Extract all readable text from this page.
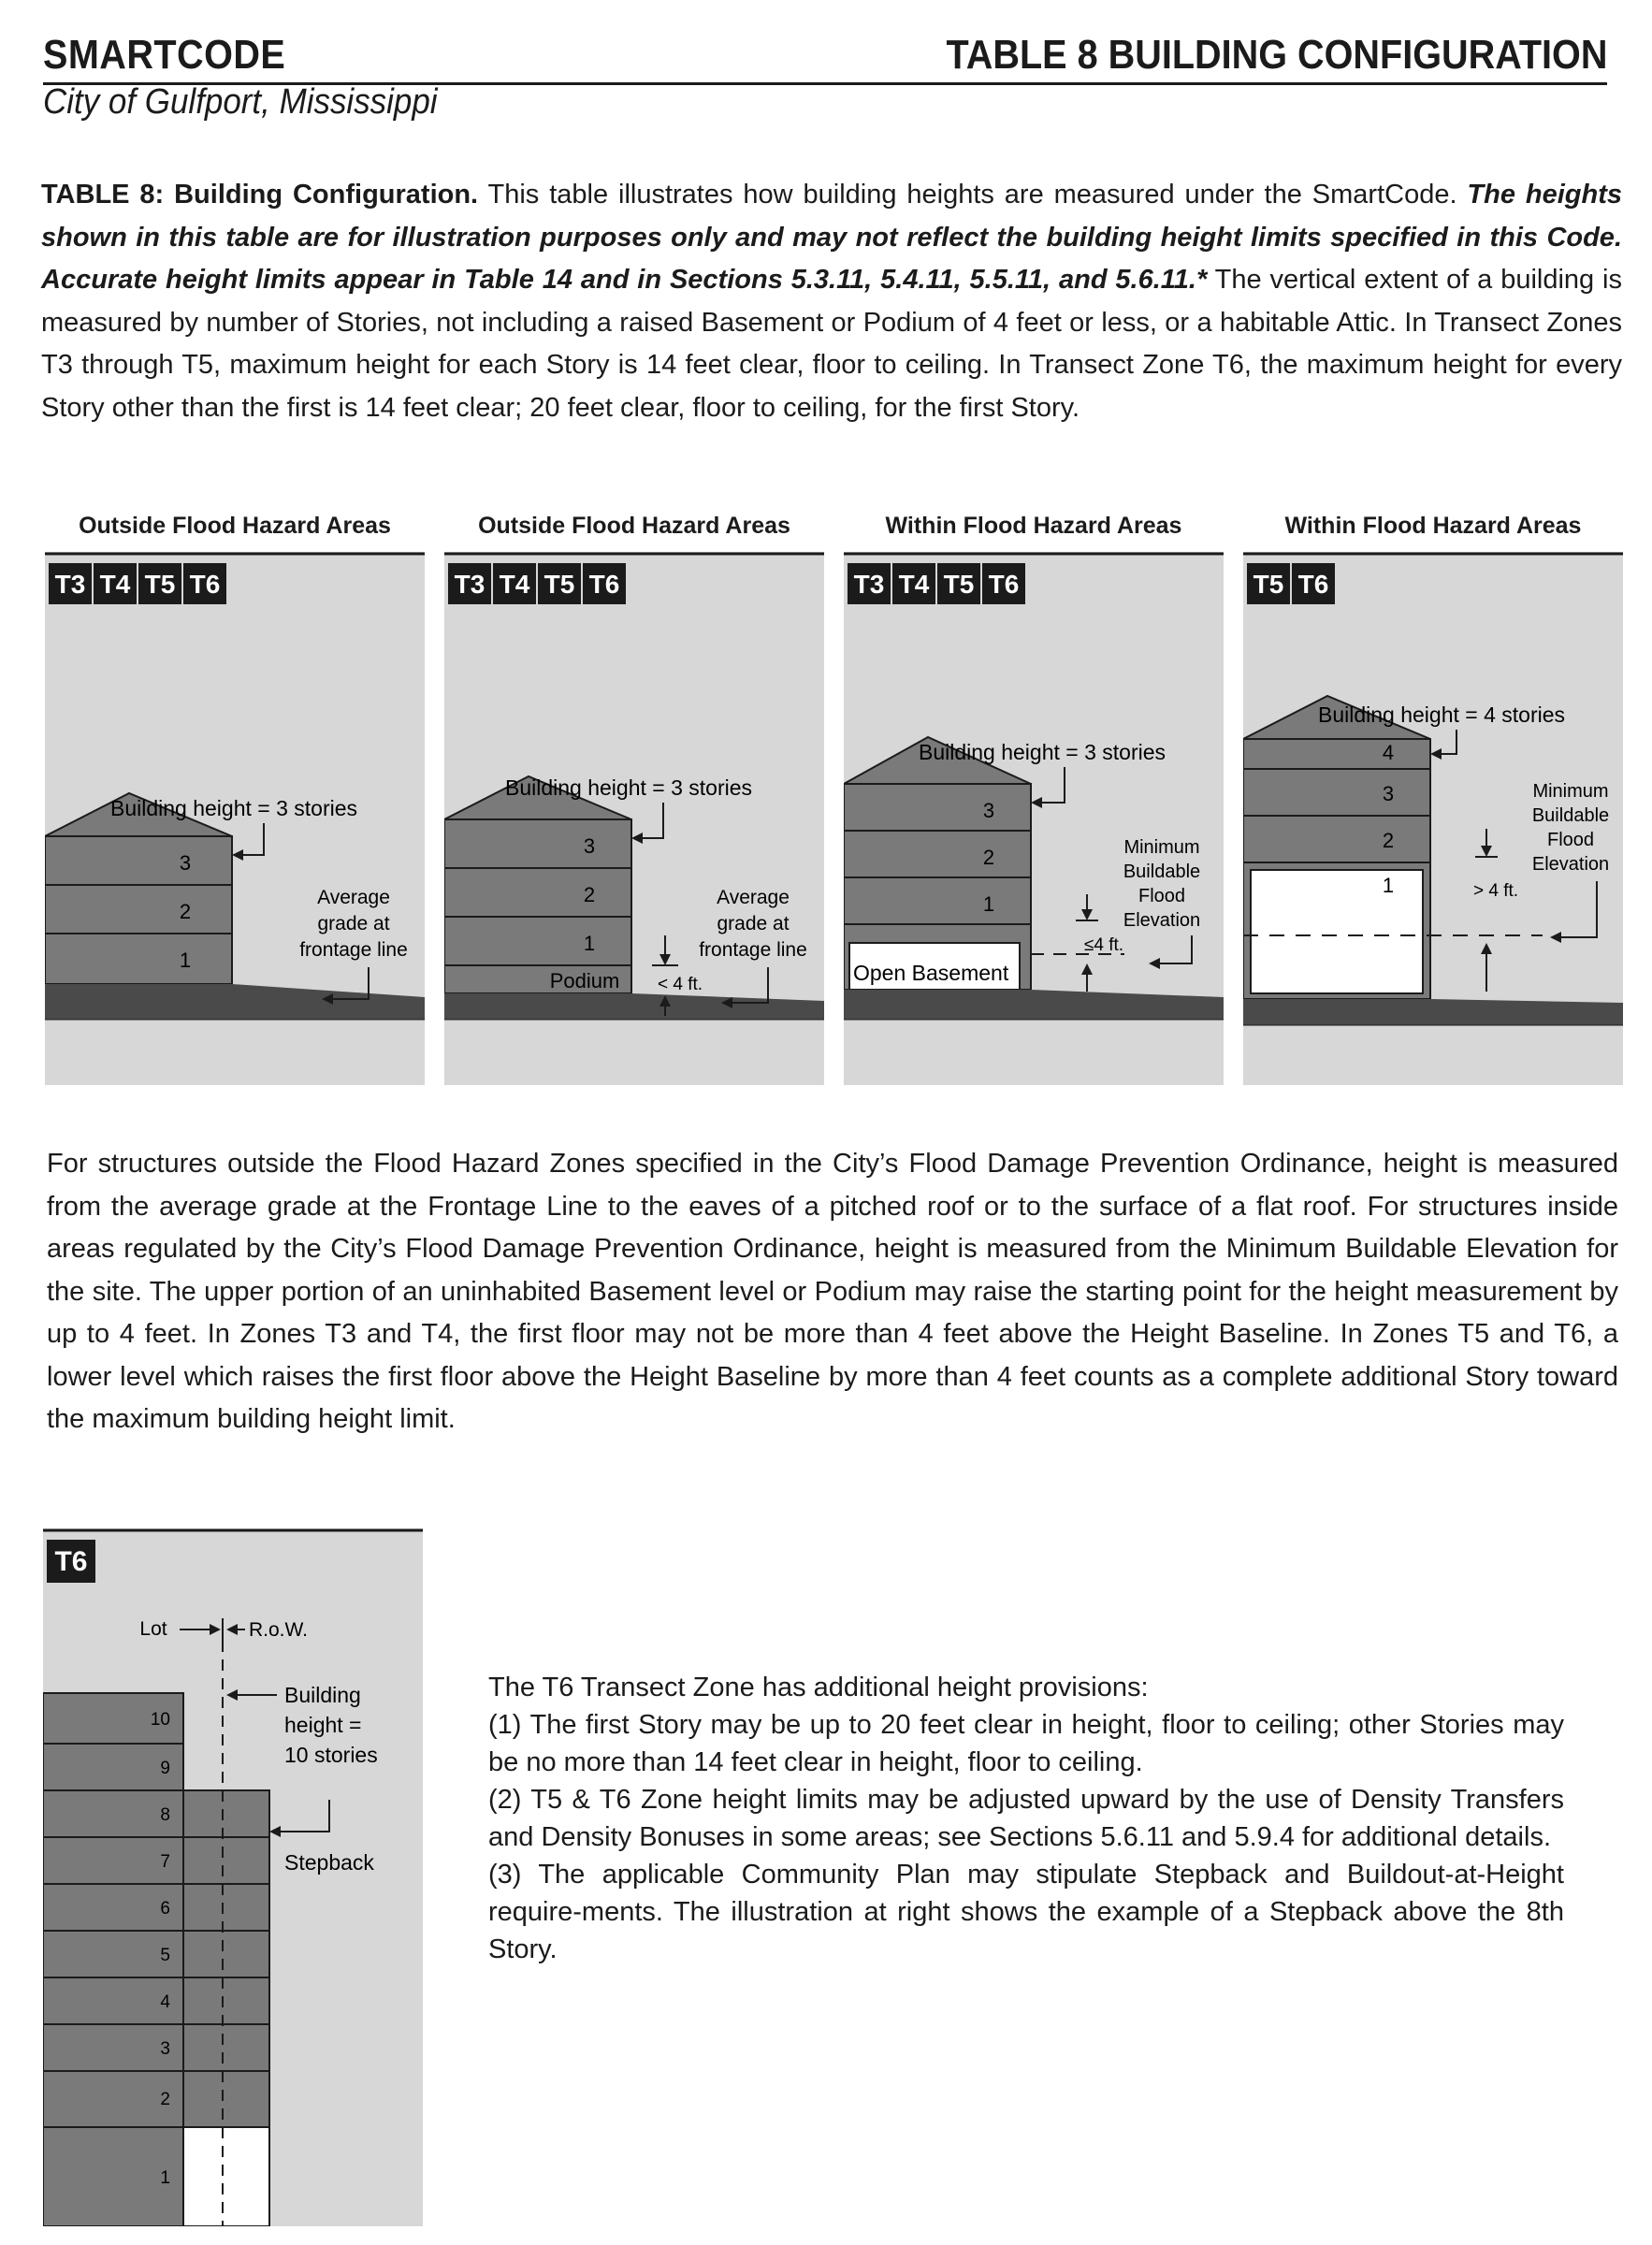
SMARTCODE
City of Gulfport, Mississippi
TABLE 8 BUILDING CONFIGURATION
TABLE 8: Building Configuration. This table illustrates how building heights are measured under the SmartCode. The heights shown in this table are for illustration purposes only and may not reflect the building height limits specified in this Code. Accurate height limits appear in Table 14 and in Sections 5.3.11, 5.4.11, 5.5.11, and 5.6.11.* The vertical extent of a building is measured by number of Stories, not including a raised Basement or Podium of 4 feet or less, or a habitable Attic. In Transect Zones T3 through T5, maximum height for each Story is 14 feet clear, floor to ceiling. In Transect Zone T6, the maximum height for every Story other than the first is 14 feet clear; 20 feet clear, floor to ceiling, for the first Story.
Outside Flood Hazard Areas
T3 T4 T5 T6
3
2
1
Building height = 3 stories
Average
grade at
frontage line
Outside Flood Hazard Areas
T3 T4 T5 T6
3
2
1
Podium
Building height = 3 stories
< 4 ft.
Average
grade at
frontage line
Within Flood Hazard Areas
T3 T4 T5 T6
3
2
1
Open Basement
Building height = 3 stories
≤4 ft.
Minimum
Buildable
Flood
Elevation
Within Flood Hazard Areas
T5 T6
4
3
2
1
Building height = 4 stories
> 4 ft.
Minimum
Buildable
Flood
Elevation
For structures outside the Flood Hazard Zones specified in the City’s Flood Damage Prevention Ordinance, height is measured from the average grade at the Frontage Line to the eaves of a pitched roof or to the surface of a flat roof. For structures inside areas regulated by the City’s Flood Damage Prevention Ordinance, height is measured from the Minimum Buildable Elevation for the site. The upper portion of an uninhabited Basement level or Podium may raise the starting point for the height measurement by up to 4 feet. In Zones T3 and T4, the first floor may not be more than 4 feet above the Height Baseline. In Zones T5 and T6, a lower level which raises the first floor above the Height Baseline by more than 4 feet counts as a complete additional Story toward the maximum building height limit.
T6
10
9
8
7
6
5
4
3
2
1
Lot	R.o.W.
Building
height =
10 stories
Stepback
The T6 Transect Zone has additional height provisions:
(1) The first Story may be up to 20 feet clear in height, floor to ceiling; other Stories may be no more than 14 feet clear in height, floor to ceiling.
(2) T5 & T6 Zone height limits may be adjusted upward by the use of Density Transfers and Density Bonuses in some areas; see Sections 5.6.11 and 5.9.4 for additional details.
(3) The applicable Community Plan may stipulate Stepback and Buildout-at-Height require-ments. The illustration at right shows the example of a Stepback above the 8th Story.
